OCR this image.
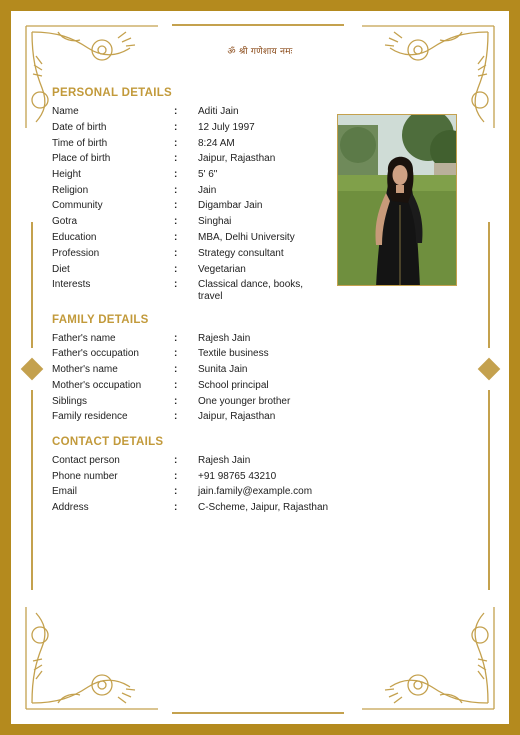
ॐ श्री गणेशाय नमः
PERSONAL DETAILS
Name	: Aditi Jain
Date of birth	: 12 July 1997
Time of birth	: 8:24 AM
Place of birth	: Jaipur, Rajasthan
Height	: 5' 6"
Religion	: Jain
Community	: Digambar Jain
Gotra	: Singhai
Education	: MBA, Delhi University
Profession	: Strategy consultant
Diet	: Vegetarian
Interests	: Classical dance, books, travel
FAMILY DETAILS
Father's name	: Rajesh Jain
Father's occupation	: Textile business
Mother's name	: Sunita Jain
Mother's occupation	: School principal
Siblings	: One younger brother
Family residence	: Jaipur, Rajasthan
CONTACT DETAILS
Contact person	: Rajesh Jain
Phone number	: +91 98765 43210
Email	: jain.family@example.com
Address	: C-Scheme, Jaipur, Rajasthan
